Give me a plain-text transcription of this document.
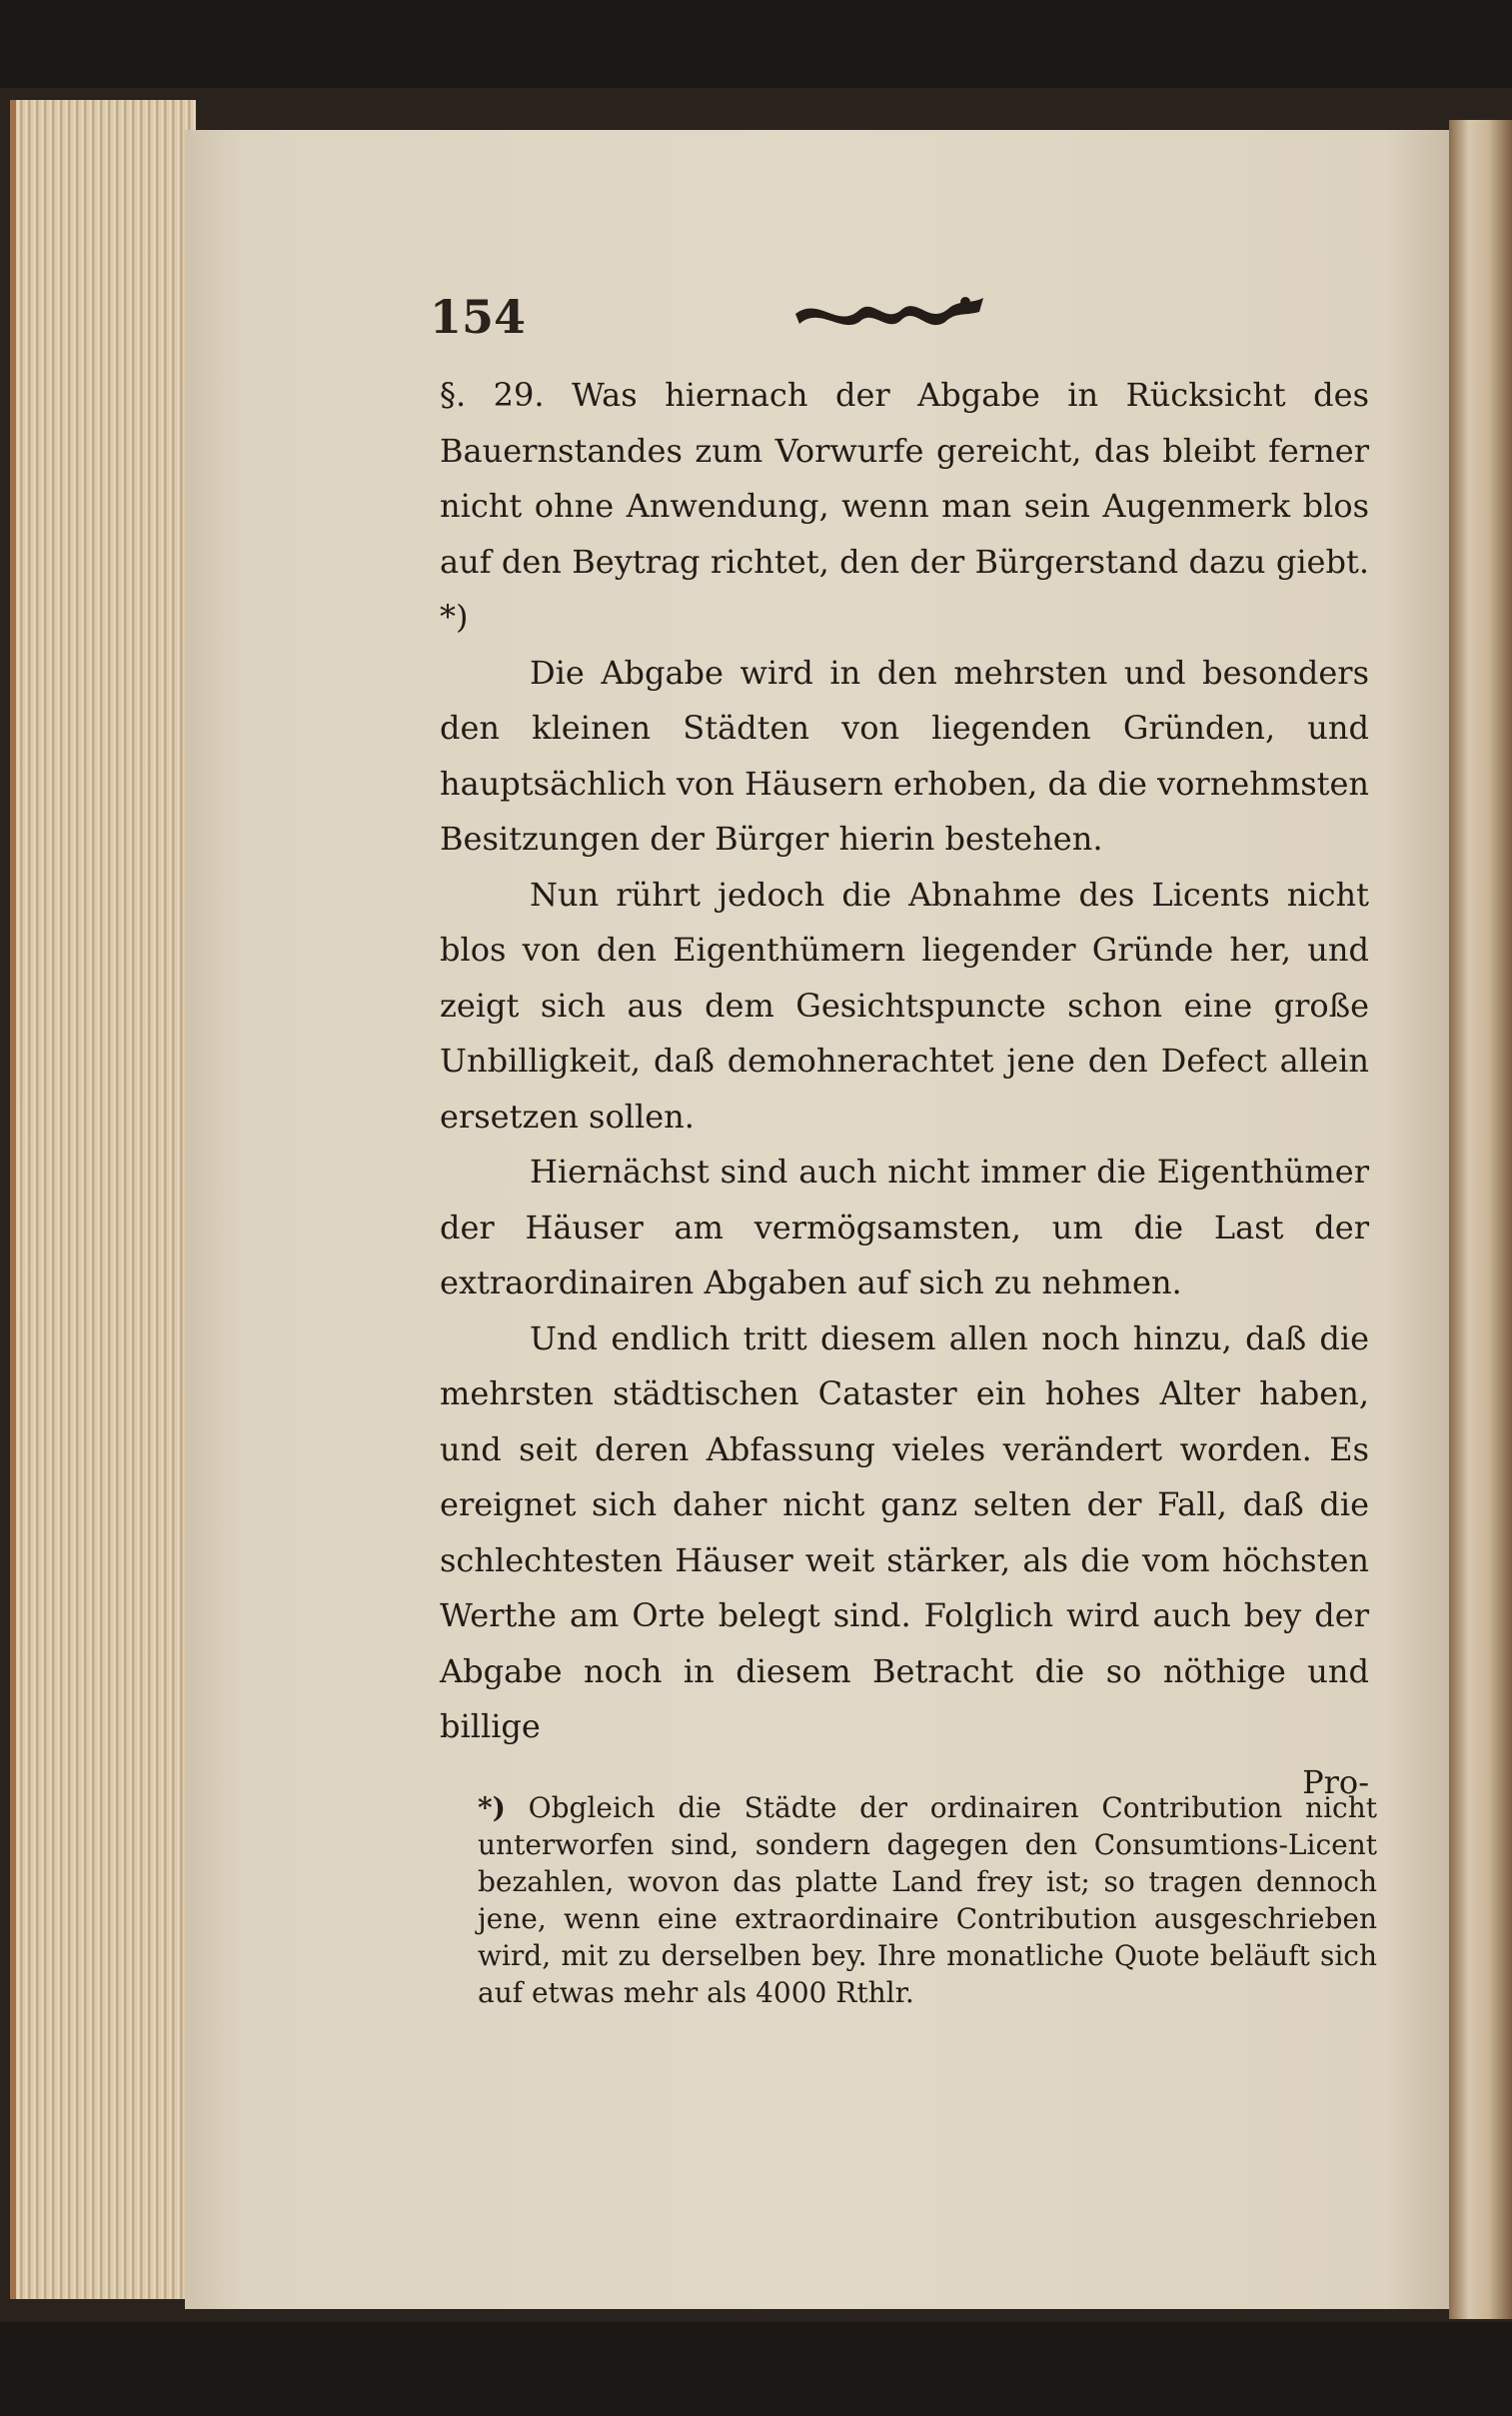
154

§. 29. Was hiernach der Abgabe in Rücksicht des Bauernstandes zum Vorwurfe gereicht, das bleibt ferner nicht ohne Anwendung, wenn man sein Augenmerk blos auf den Beytrag richtet, den der Bürgerstand dazu giebt. *)

Die Abgabe wird in den mehrsten und besonders den kleinen Städten von liegenden Gründen, und hauptsächlich von Häusern erhoben, da die vornehmsten Besitzungen der Bürger hierin bestehen.

Nun rührt jedoch die Abnahme des Licents nicht blos von den Eigenthümern liegender Gründe her, und zeigt sich aus dem Gesichtspuncte schon eine große Unbilligkeit, daß demohnerachtet jene den Defect allein ersetzen sollen.

Hiernächst sind auch nicht immer die Eigenthümer der Häuser am vermögsamsten, um die Last der extraordinairen Abgaben auf sich zu nehmen.

Und endlich tritt diesem allen noch hinzu, daß die mehrsten städtischen Cataster ein hohes Alter haben, und seit deren Abfassung vieles verändert worden. Es ereignet sich daher nicht ganz selten der Fall, daß die schlechtesten Häuser weit stärker, als die vom höchsten Werthe am Orte belegt sind. Folglich wird auch bey der Abgabe noch in diesem Betracht die so nöthige und billige

Pro-

*) Obgleich die Städte der ordinairen Contribution nicht unterworfen sind, sondern dagegen den Consumtions-Licent bezahlen, wovon das platte Land frey ist; so tragen dennoch jene, wenn eine extraordinaire Contribution ausgeschrieben wird, mit zu derselben bey. Ihre monatliche Quote beläuft sich auf etwas mehr als 4000 Rthlr.
